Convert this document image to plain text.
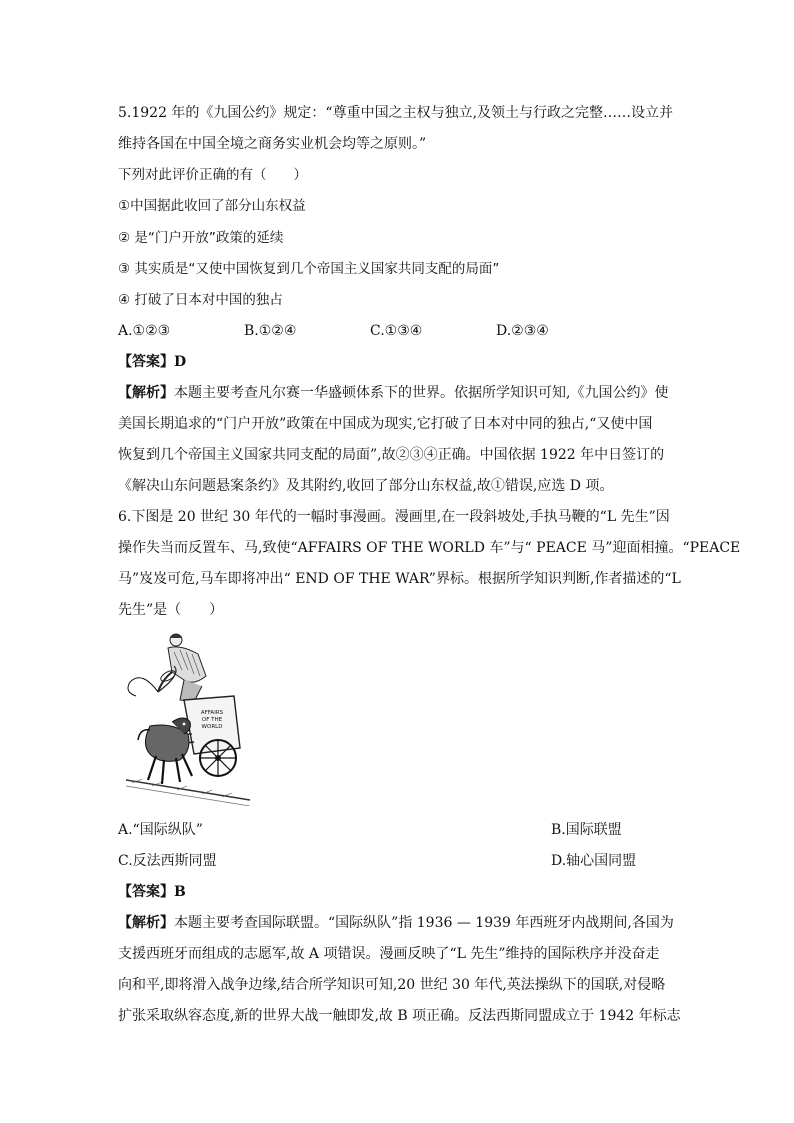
5.1922 年的《九国公约》规定：“尊重中国之主权与独立,及领土与行政之完整……设立并
维持各国在中国全境之商务实业机会均等之原则。”
下列对此评价正确的有（　　）
①中国据此收回了部分山东权益
② 是“门户开放”政策的延续
③ 其实质是“又使中国恢复到几个帝国主义国家共同支配的局面”
④ 打破了日本对中国的独占
A.①②③	B.①②④	C.①③④	D.②③④
【答案】D
【解析】本题主要考查凡尔赛一华盛顿体系下的世界。依据所学知识可知,《九国公约》使
美国长期追求的“门户开放”政策在中国成为现实,它打破了日本对中同的独占,“又使中国
恢复到几个帝国主义国家共同支配的局面”,故②③④正确。中国依据 1922 年中日签订的
《解决山东问题悬案条约》及其附约,收回了部分山东权益,故①错误,应选 D 项。
6.下图是 20 世纪 30 年代的一幅时事漫画。漫画里,在一段斜坡处,手执马鞭的“L 先生”因
操作失当而反置车、马,致使“AFFAIRS OF THE WORLD 车”与“ PEACE 马”迎面相撞。“PEACE
马”岌岌可危,马车即将冲出“ END OF THE WAR”界标。根据所学知识判断,作者描述的“L
先生”是（　　）
AFFAIRS
OF THE
WORLD
A.“国际纵队”	B.国际联盟
C.反法西斯同盟	D.轴心国同盟
【答案】B
【解析】本题主要考查国际联盟。“国际纵队”指 1936 — 1939 年西班牙内战期间,各国为
支援西班牙而组成的志愿军,故 A 项错误。漫画反映了“L 先生”维持的国际秩序并没奋走
向和平,即将滑入战争边缘,结合所学知识可知,20 世纪 30 年代,英法操纵下的国联,对侵略
扩张采取纵容态度,新的世界大战一触即发,故 B 项正确。反法西斯同盟成立于 1942 年标志
